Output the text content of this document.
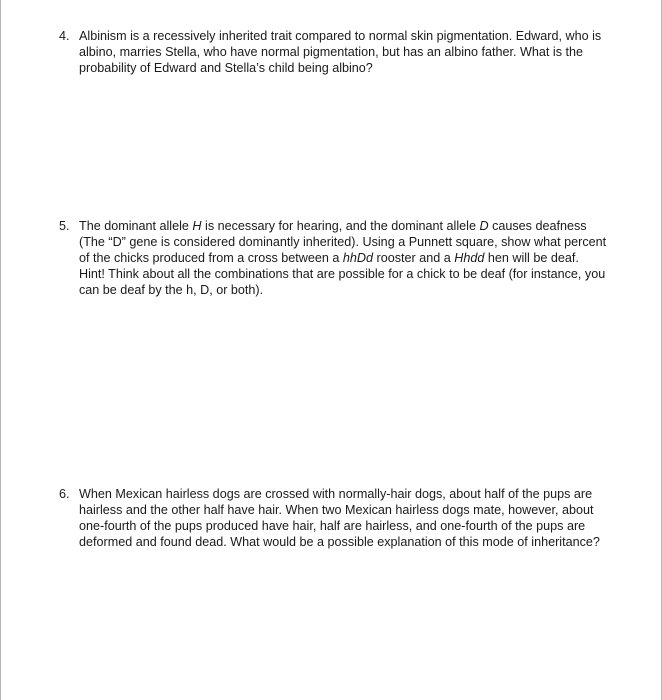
4. Albinism is a recessively inherited trait compared to normal skin pigmentation. Edward, who is
albino, marries Stella, who have normal pigmentation, but has an albino father. What is the
probability of Edward and Stella’s child being albino?
5. The dominant allele H is necessary for hearing, and the dominant allele D causes deafness
(The “D” gene is considered dominantly inherited). Using a Punnett square, show what percent
of the chicks produced from a cross between a hhDd rooster and a Hhdd hen will be deaf.
Hint! Think about all the combinations that are possible for a chick to be deaf (for instance, you
can be deaf by the h, D, or both).
6. When Mexican hairless dogs are crossed with normally-hair dogs, about half of the pups are
hairless and the other half have hair. When two Mexican hairless dogs mate, however, about
one-fourth of the pups produced have hair, half are hairless, and one-fourth of the pups are
deformed and found dead. What would be a possible explanation of this mode of inheritance?
